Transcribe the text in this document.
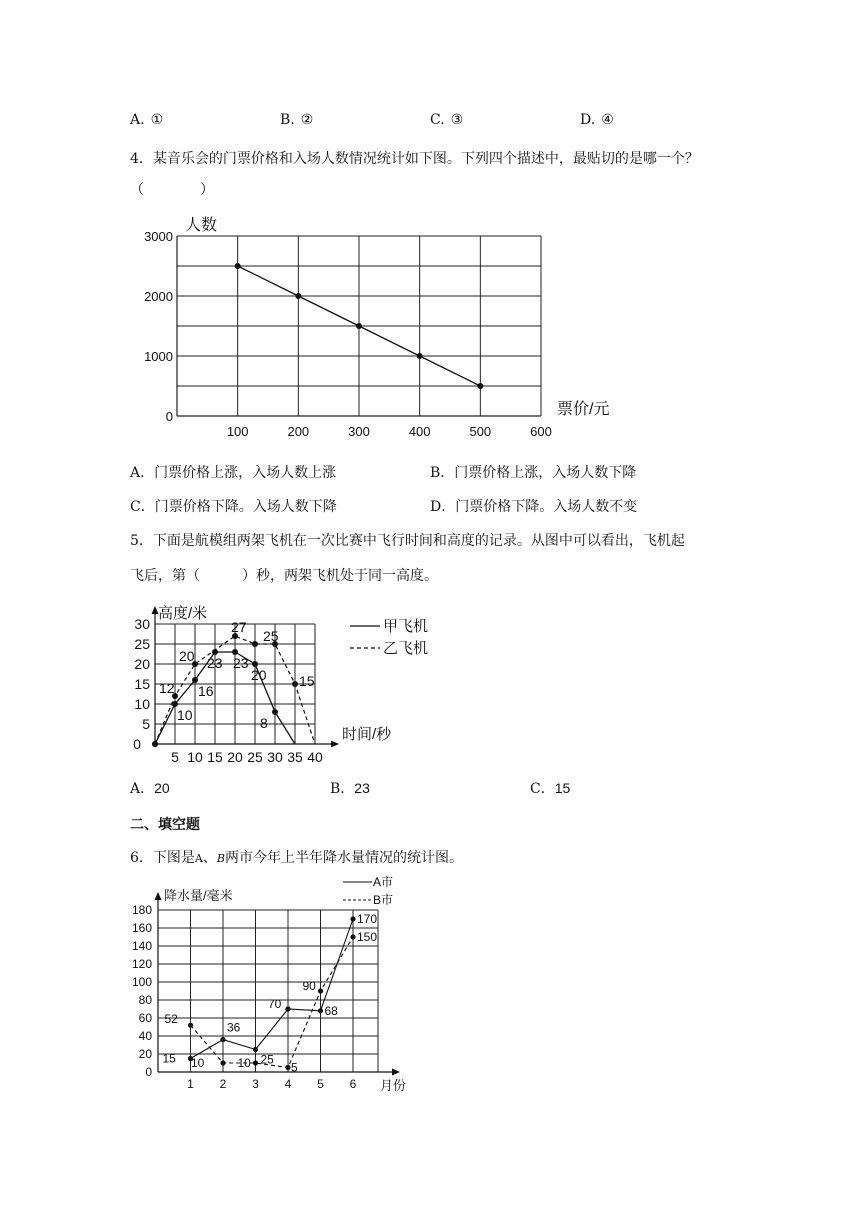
A. ①	B. ②	C. ③	D. ④
4．某音乐会的门票价格和入场人数情况统计如下图。下列四个描述中，最贴切的是哪一个？
（　　　　）
100	200	300	400	500	600
0
1000
2000
3000
人数
票价/元
A．门票价格上涨，入场人数上涨	B．门票价格上涨，入场人数下降
C．门票价格下降。入场人数下降	D．门票价格下降。入场人数不变
5．下面是航模组两架飞机在一次比赛中飞行时间和高度的记录。从图中可以看出，飞机起
飞后，第（　　　）秒，两架飞机处于同一高度。
5 10 15 20 25 30 35 40
0
5
10
15
20
25
30
高度/米
时间/秒
10
16
23 23
20
8
12
20
27
25
15
甲飞机
乙飞机
A．20	B．23	C．15
二、填空题
6．下图是A、B两市今年上半年降水量情况的统计图。
1 2 3 4 5 6
0
20
40
60
80
100
120
140
160
180
降水量/毫米
月份
15
36
25
70	68
170
52
10	10	5
90
150
A市
B市
